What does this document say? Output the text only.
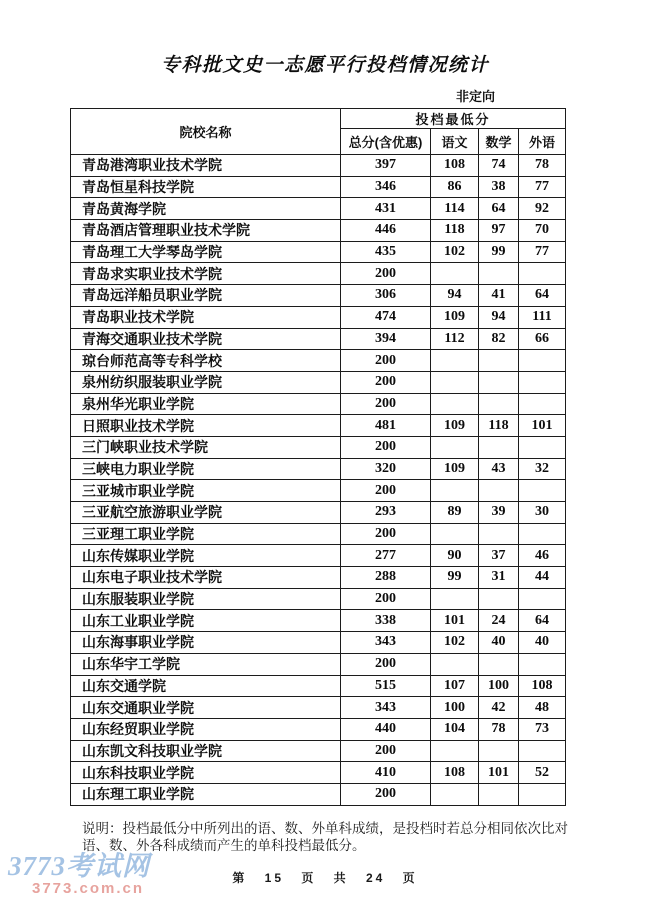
专科批文史一志愿平行投档情况统计
非定向
院校名称	投档最低分			
	总分(含优惠)	语文	数学	外语
青岛港湾职业技术学院	397	108	74	78
青岛恒星科技学院	346	86	38	77
青岛黄海学院	431	114	64	92
青岛酒店管理职业技术学院	446	118	97	70
青岛理工大学琴岛学院	435	102	99	77
青岛求实职业技术学院	200			
青岛远洋船员职业学院	306	94	41	64
青岛职业技术学院	474	109	94	111
青海交通职业技术学院	394	112	82	66
琼台师范高等专科学校	200			
泉州纺织服装职业学院	200			
泉州华光职业学院	200			
日照职业技术学院	481	109	118	101
三门峡职业技术学院	200			
三峡电力职业学院	320	109	43	32
三亚城市职业学院	200			
三亚航空旅游职业学院	293	89	39	30
三亚理工职业学院	200			
山东传媒职业学院	277	90	37	46
山东电子职业技术学院	288	99	31	44
山东服装职业学院	200			
山东工业职业学院	338	101	24	64
山东海事职业学院	343	102	40	40
山东华宇工学院	200			
山东交通学院	515	107	100	108
山东交通职业学院	343	100	42	48
山东经贸职业学院	440	104	78	73
山东凯文科技职业学院	200			
山东科技职业学院	410	108	101	52
山东理工职业学院	200			

说明：投档最低分中所列出的语、数、外单科成绩，是投档时若总分相同依次比对
语、数、外各科成绩而产生的单科投档最低分。

第 15 页 共 24 页
3773考试网
3773.com.cn
